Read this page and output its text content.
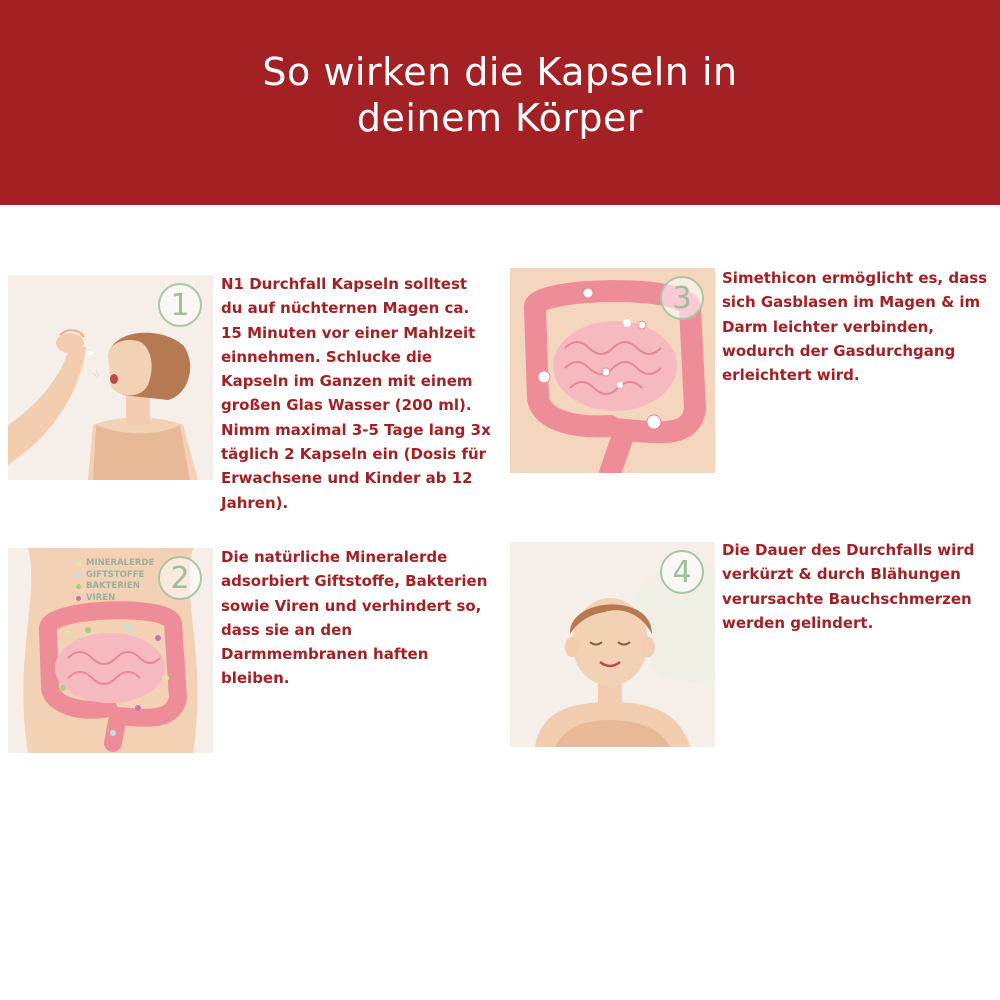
So wirken die Kapseln in deinem Körper
1

N1 Durchfall Kapseln solltest du auf nüchternen Magen ca. 15 Minuten vor einer Mahlzeit einnehmen. Schlucke die Kapseln im Ganzen mit einem großen Glas Wasser (200 ml). Nimm maximal 3-5 Tage lang 3x täglich 2 Kapseln ein (Dosis für Erwachsene und Kinder ab 12 Jahren).

2
MINERALERDE
GIFTSTOFFE
BAKTERIEN
VIREN

Die natürliche Mineralerde adsorbiert Giftstoffe, Bakterien sowie Viren und verhindert so, dass sie an den Darmmembranen haften bleiben.

3

Simethicon ermöglicht es, dass sich Gasblasen im Magen & im Darm leichter verbinden, wodurch der Gasdurchgang erleichtert wird.

4

Die Dauer des Durchfalls wird verkürzt & durch Blähungen verursachte Bauchschmerzen werden gelindert.
